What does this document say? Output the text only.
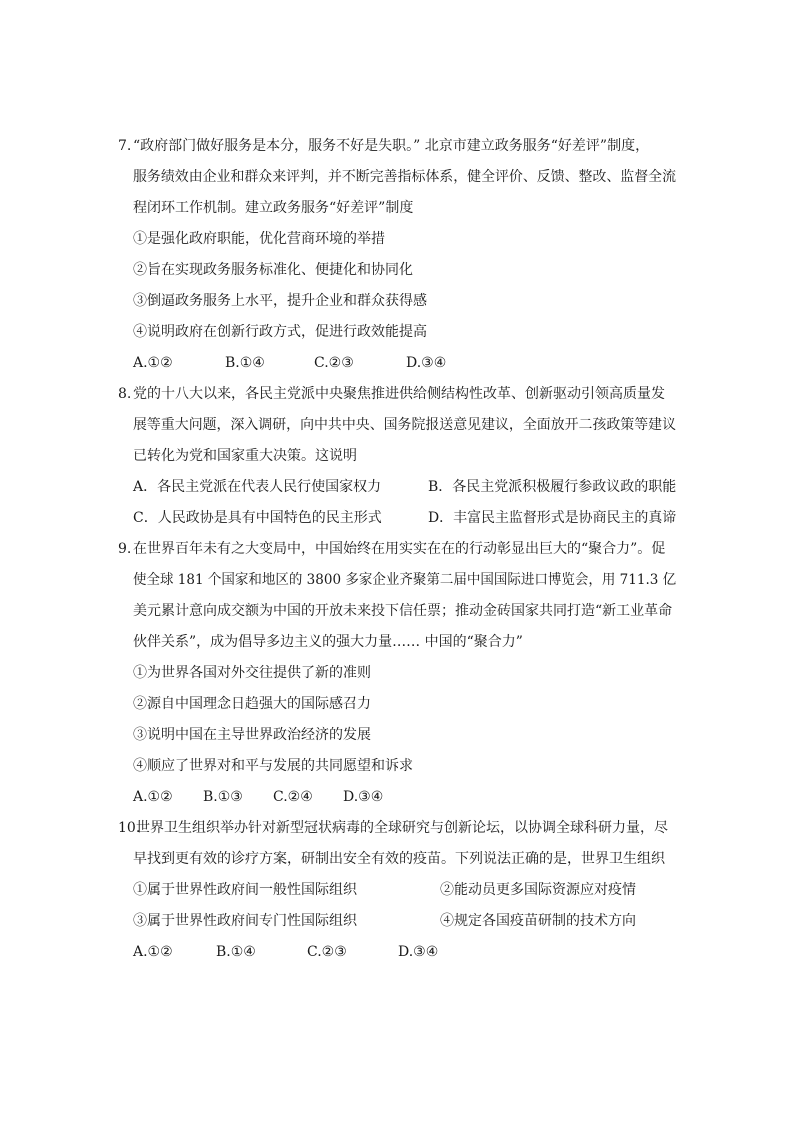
7. “政府部门做好服务是本分，服务不好是失职。” 北京市建立政务服务“好差评”制度，
服务绩效由企业和群众来评判，并不断完善指标体系，健全评价、反馈、整改、监督全流
程闭环工作机制。建立政务服务“好差评”制度
①是强化政府职能，优化营商环境的举措
②旨在实现政务服务标准化、便捷化和协同化
③倒逼政务服务上水平，提升企业和群众获得感
④说明政府在创新行政方式，促进行政效能提高
A.①②	B.①④	C.②③	D.③④
8. 党的十八大以来，各民主党派中央聚焦推进供给侧结构性改革、创新驱动引领高质量发
展等重大问题，深入调研，向中共中央、国务院报送意见建议，全面放开二孩政策等建议
已转化为党和国家重大决策。这说明
A．各民主党派在代表人民行使国家权力	B．各民主党派积极履行参政议政的职能
C．人民政协是具有中国特色的民主形式	D．丰富民主监督形式是协商民主的真谛
9. 在世界百年未有之大变局中，中国始终在用实实在在的行动彰显出巨大的“聚合力”。促
使全球 181 个国家和地区的 3800 多家企业齐聚第二届中国国际进口博览会，用 711.3 亿
美元累计意向成交额为中国的开放未来投下信任票；推动金砖国家共同打造“新工业革命
伙伴关系”，成为倡导多边主义的强大力量…… 中国的“聚合力”
①为世界各国对外交往提供了新的准则
②源自中国理念日趋强大的国际感召力
③说明中国在主导世界政治经济的发展
④顺应了世界对和平与发展的共同愿望和诉求
A.①② B.①③ C.②④ D.③④
10.
世界卫生组织举办针对新型冠状病毒的全球研究与创新论坛，以协调全球科研力量，尽
早找到更有效的诊疗方案，研制出安全有效的疫苗。下列说法正确的是，世界卫生组织
①属于世界性政府间一般性国际组织	②能动员更多国际资源应对疫情
③属于世界性政府间专门性国际组织	④规定各国疫苗研制的技术方向
A.①②	B.①④	C.②③	D.③④
